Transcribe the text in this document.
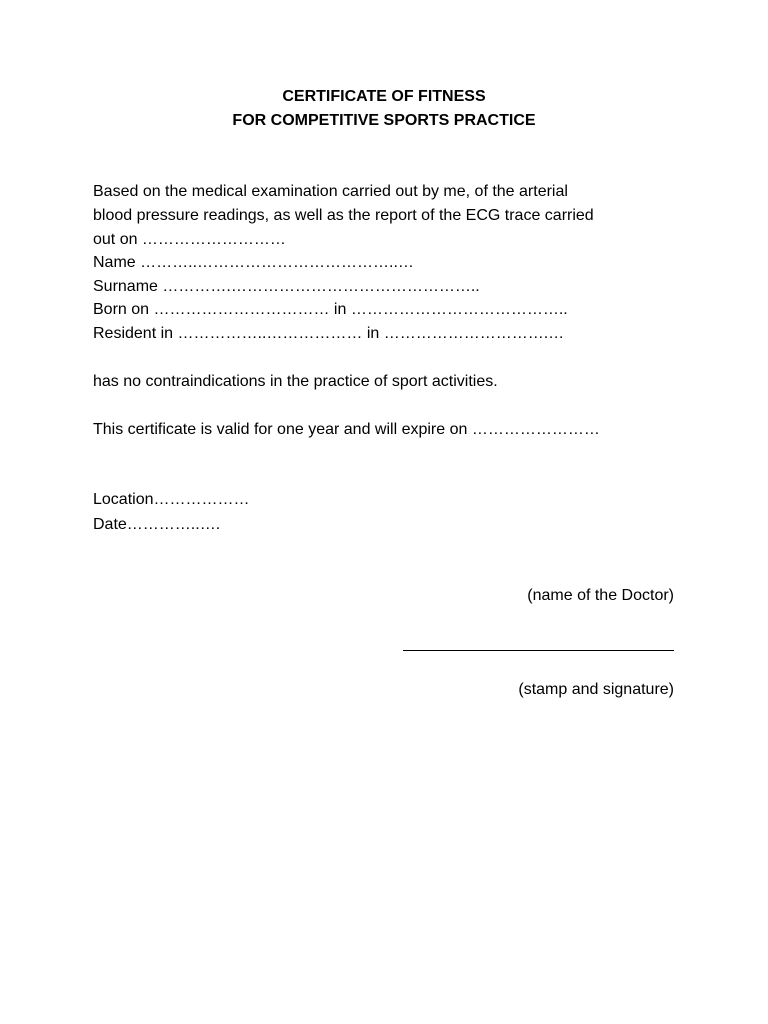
CERTIFICATE OF FITNESS
FOR COMPETITIVE SPORTS PRACTICE
Based on the medical examination carried out by me, of the arterial
blood pressure readings, as well as the report of the ECG trace carried
out on ………………………
Name ………..………………………………..…
Surname ………….………………………………………..
Born on …………………………… in …………………………………..
Resident in ……………..……………… in ………………………….…
has no contraindications in the practice of sport activities.
This certificate is valid for one year and will expire on ……………………
Location………………
Date…………..….
(name of the Doctor)
(stamp and signature)
